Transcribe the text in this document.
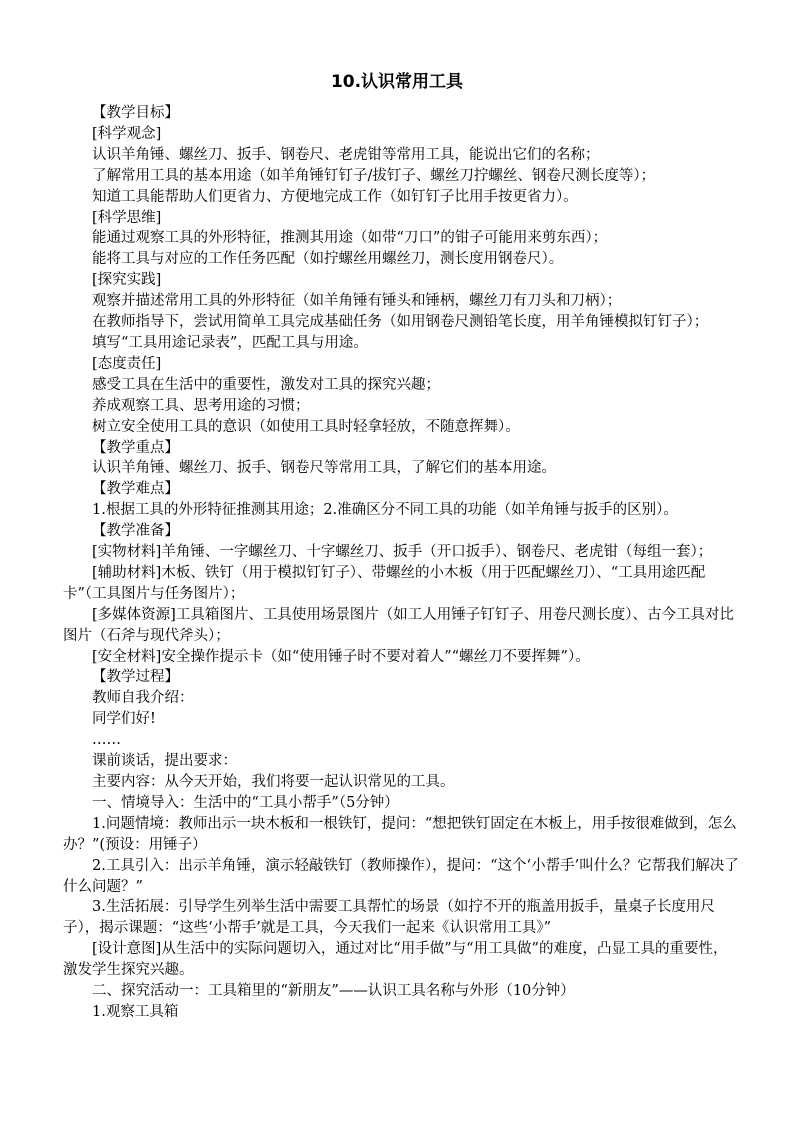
10.认识常用工具

【教学目标】

[科学观念]

认识羊角锤、螺丝刀、扳手、钢卷尺、老虎钳等常用工具，能说出它们的名称；

了解常用工具的基本用途（如羊角锤钉钉子/拔钉子、螺丝刀拧螺丝、钢卷尺测长度等）；

知道工具能帮助人们更省力、方便地完成工作（如钉钉子比用手按更省力）。

[科学思维]

能通过观察工具的外形特征，推测其用途（如带“刀口”的钳子可能用来剪东西）；

能将工具与对应的工作任务匹配（如拧螺丝用螺丝刀，测长度用钢卷尺）。

[探究实践]

观察并描述常用工具的外形特征（如羊角锤有锤头和锤柄，螺丝刀有刀头和刀柄）；

在教师指导下，尝试用简单工具完成基础任务（如用钢卷尺测铅笔长度，用羊角锤模拟钉钉子）；

填写“工具用途记录表”，匹配工具与用途。

[态度责任]

感受工具在生活中的重要性，激发对工具的探究兴趣；

养成观察工具、思考用途的习惯；

树立安全使用工具的意识（如使用工具时轻拿轻放，不随意挥舞）。

【教学重点】

认识羊角锤、螺丝刀、扳手、钢卷尺等常用工具，了解它们的基本用途。

【教学难点】

1.根据工具的外形特征推测其用途；2.准确区分不同工具的功能（如羊角锤与扳手的区别）。

【教学准备】

[实物材料]羊角锤、一字螺丝刀、十字螺丝刀、扳手（开口扳手）、钢卷尺、老虎钳（每组一套）；

[辅助材料]木板、铁钉（用于模拟钉钉子）、带螺丝的小木板（用于匹配螺丝刀）、“工具用途匹配卡”（工具图片与任务图片）；

[多媒体资源]工具箱图片、工具使用场景图片（如工人用锤子钉钉子、用卷尺测长度）、古今工具对比图片（石斧与现代斧头）；

[安全材料]安全操作提示卡（如“使用锤子时不要对着人”“螺丝刀不要挥舞”）。

【教学过程】

教师自我介绍：

同学们好!

……

课前谈话，提出要求：

主要内容：从今天开始，我们将要一起认识常见的工具。

一、情境导入：生活中的“工具小帮手”（5分钟）

1.问题情境：教师出示一块木板和一根铁钉，提问：“想把铁钉固定在木板上，用手按很难做到，怎么办？”(预设：用锤子）

2.工具引入：出示羊角锤，演示轻敲铁钉（教师操作），提问：“这个‘小帮手’叫什么？它帮我们解决了什么问题？”

3.生活拓展：引导学生列举生活中需要工具帮忙的场景（如拧不开的瓶盖用扳手，量桌子长度用尺子），揭示课题：“这些‘小帮手’就是工具，今天我们一起来《认识常用工具》”

[设计意图]从生活中的实际问题切入，通过对比“用手做”与“用工具做”的难度，凸显工具的重要性，激发学生探究兴趣。

二、探究活动一：工具箱里的“新朋友”——认识工具名称与外形（10分钟）

1.观察工具箱
